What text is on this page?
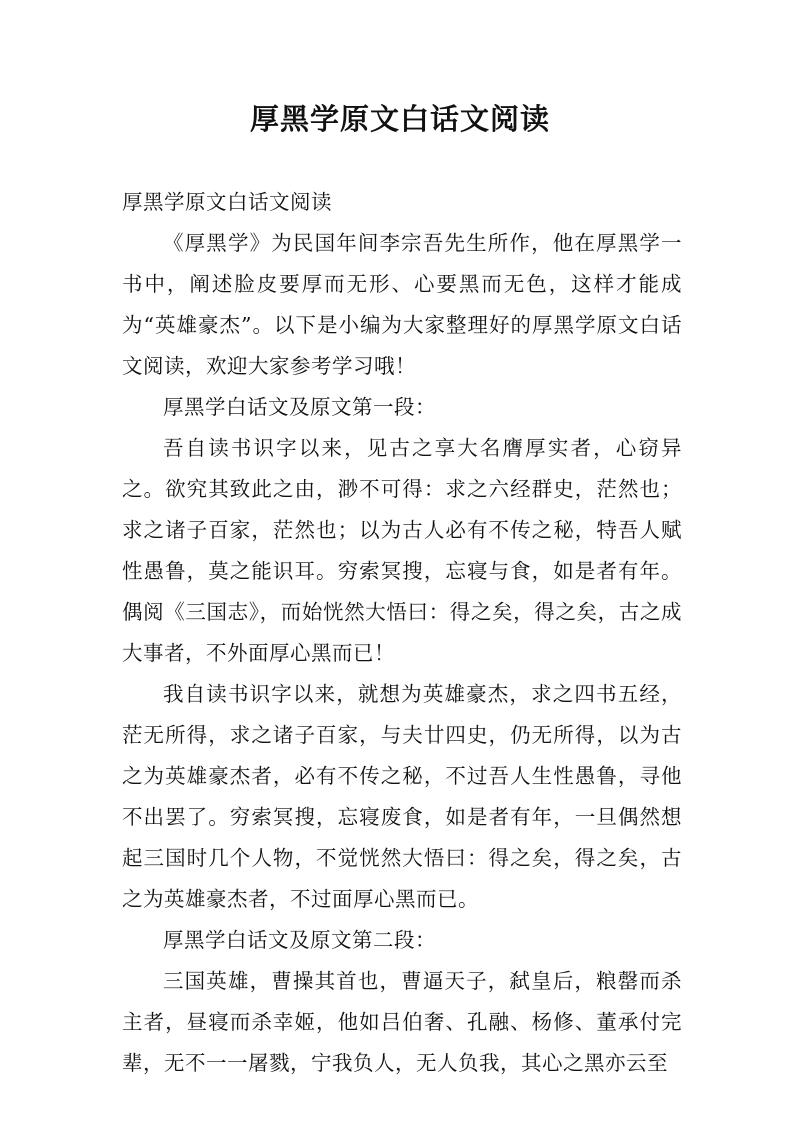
厚黑学原文白话文阅读

厚黑学原文白话文阅读

《厚黑学》为民国年间李宗吾先生所作，他在厚黑学一书中，阐述脸皮要厚而无形、心要黑而无色，这样才能成为“英雄豪杰”。以下是小编为大家整理好的厚黑学原文白话文阅读，欢迎大家参考学习哦！

厚黑学白话文及原文第一段：

吾自读书识字以来，见古之享大名膺厚实者，心窃异之。欲究其致此之由，渺不可得：求之六经群史，茫然也；求之诸子百家，茫然也；以为古人必有不传之秘，特吾人赋性愚鲁，莫之能识耳。穷索冥搜，忘寝与食，如是者有年。偶阅《三国志》，而始恍然大悟曰：得之矣，得之矣，古之成大事者，不外面厚心黑而已！

我自读书识字以来，就想为英雄豪杰，求之四书五经，茫无所得，求之诸子百家，与夫廿四史，仍无所得，以为古之为英雄豪杰者，必有不传之秘，不过吾人生性愚鲁，寻他不出罢了。穷索冥搜，忘寝废食，如是者有年，一旦偶然想起三国时几个人物，不觉恍然大悟曰：得之矣，得之矣，古之为英雄豪杰者，不过面厚心黑而已。

厚黑学白话文及原文第二段：

三国英雄，曹操其首也，曹逼天子，弑皇后，粮罄而杀主者，昼寝而杀幸姬，他如吕伯奢、孔融、杨修、董承付完辈，无不一一屠戮，宁我负人，无人负我，其心之黑亦云至
